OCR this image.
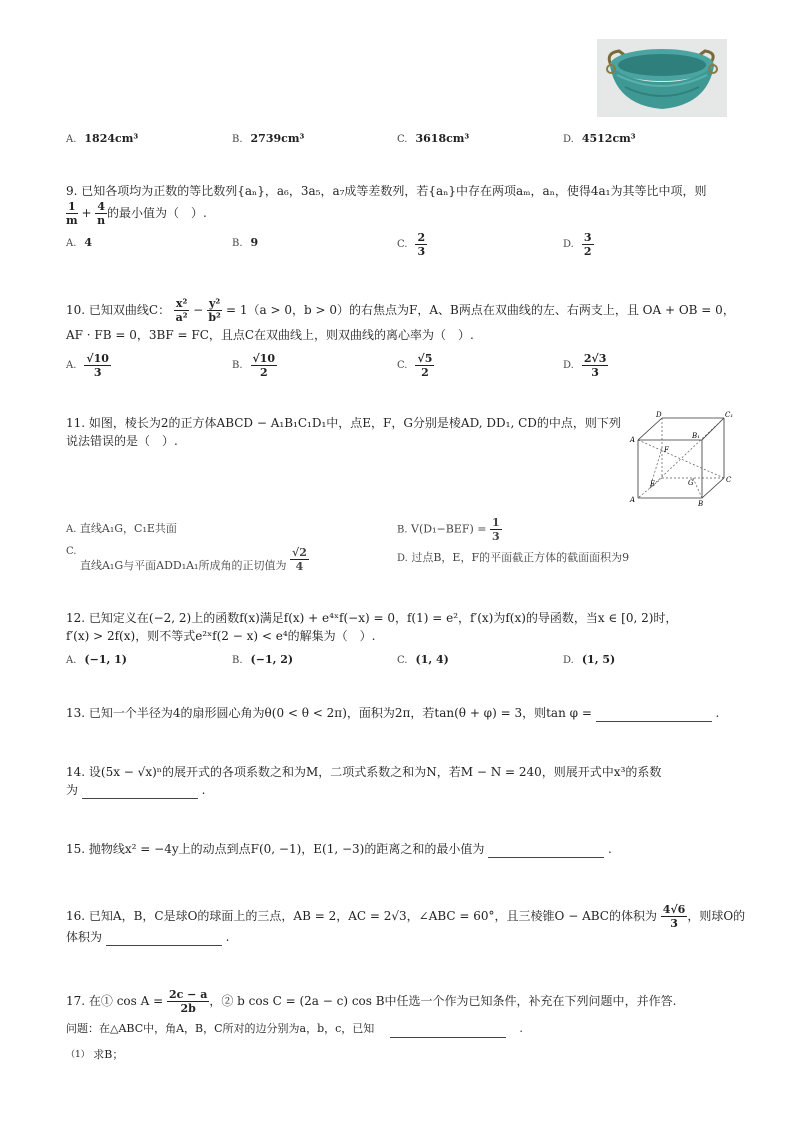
A. 1824cm³	B. 2739cm³	C. 3618cm³	D. 4512cm³
9. 已知各项均为正数的等比数列{aₙ}，a₆，3a₅，a₇成等差数列，若{aₙ}中存在两项aₘ，aₙ，使得4a₁为其等比中项，则
$\frac{1}{m} + \frac{4}{n}$ 的最小值为（　）.
A. 4	B. 9	C. $\frac{2}{3}$	D. $\frac{3}{2}$
10. 已知双曲线C： $\frac{\text{x²}}{\text{a²}} - \frac{\text{y²}}{\text{b²}} = 1(a > 0$，b > 0）的右焦点为F，A、B两点在双曲线的左、右两支上，且 OA + OB = 0，
AF · FB = 0，3BF = FC，且点C在双曲线上，则双曲线的离心率为（　）.
A. $\frac{√10}{3}$	B. $\frac{√10}{2}$	C. $\frac{√5}{2}$	D. $\frac{2√3}{3}$
11. 如图，棱长为2的正方体ABCD − A₁B₁C₁D₁中，点E，F，G分别是棱AD, DD₁, CD的中点，则下列
说法错误的是（　）.
D	C₁
A	B₁
F
E	G	C
A	B
A. 直线A₁G，C₁E共面	B. $V(D_1-BEF) = \frac{1}{3}$
C. 直线A₁G与平面ADD₁A₁所成角的正切值为 $\frac{√2}{4}$	D. 过点B，E，F的平面截正方体的截面面积为9
12. 已知定义在(−2, 2)上的函数f(x)满足f(x) + e⁴ˣf(−x) = 0，f(1) = e²，f′(x)为f(x)的导函数，当x ∈ [0, 2)时，
f′(x) > 2f(x)，则不等式e²ˣf(2 − x) < e⁴的解集为（　）.
A. (−1, 1)	B. (−1, 2)	C. (1, 4)	D. (1, 5)
13. 已知一个半径为4的扇形圆心角为θ(0 < θ < 2π)，面积为2π，若tan(θ + φ) = 3，则tan φ =	.
14. 设(5x − √x)ⁿ的展开式的各项系数之和为M，二项式系数之和为N，若M − N = 240，则展开式中x³的系数
为	.
15. 抛物线x² = −4y上的动点到点F(0, −1)，E(1, −3)的距离之和的最小值为	.
16. 已知A，B，C是球O的球面上的三点，AB = 2，AC = 2√3，∠ABC = 60°，且三棱锥O − ABC的体积为 $\frac{4√6}{3}$ ，则球O的
体积为	.
17. 在① $\cos A = \frac{2c - a}{2b}$ ，② b cos C = (2a − c) cos B中任选一个作为已知条件，补充在下列问题中，并作答.
问题：在△ABC中，角A，B，C所对的边分别为a，b，c，已知	.
$^{(1)}$ 求B；
